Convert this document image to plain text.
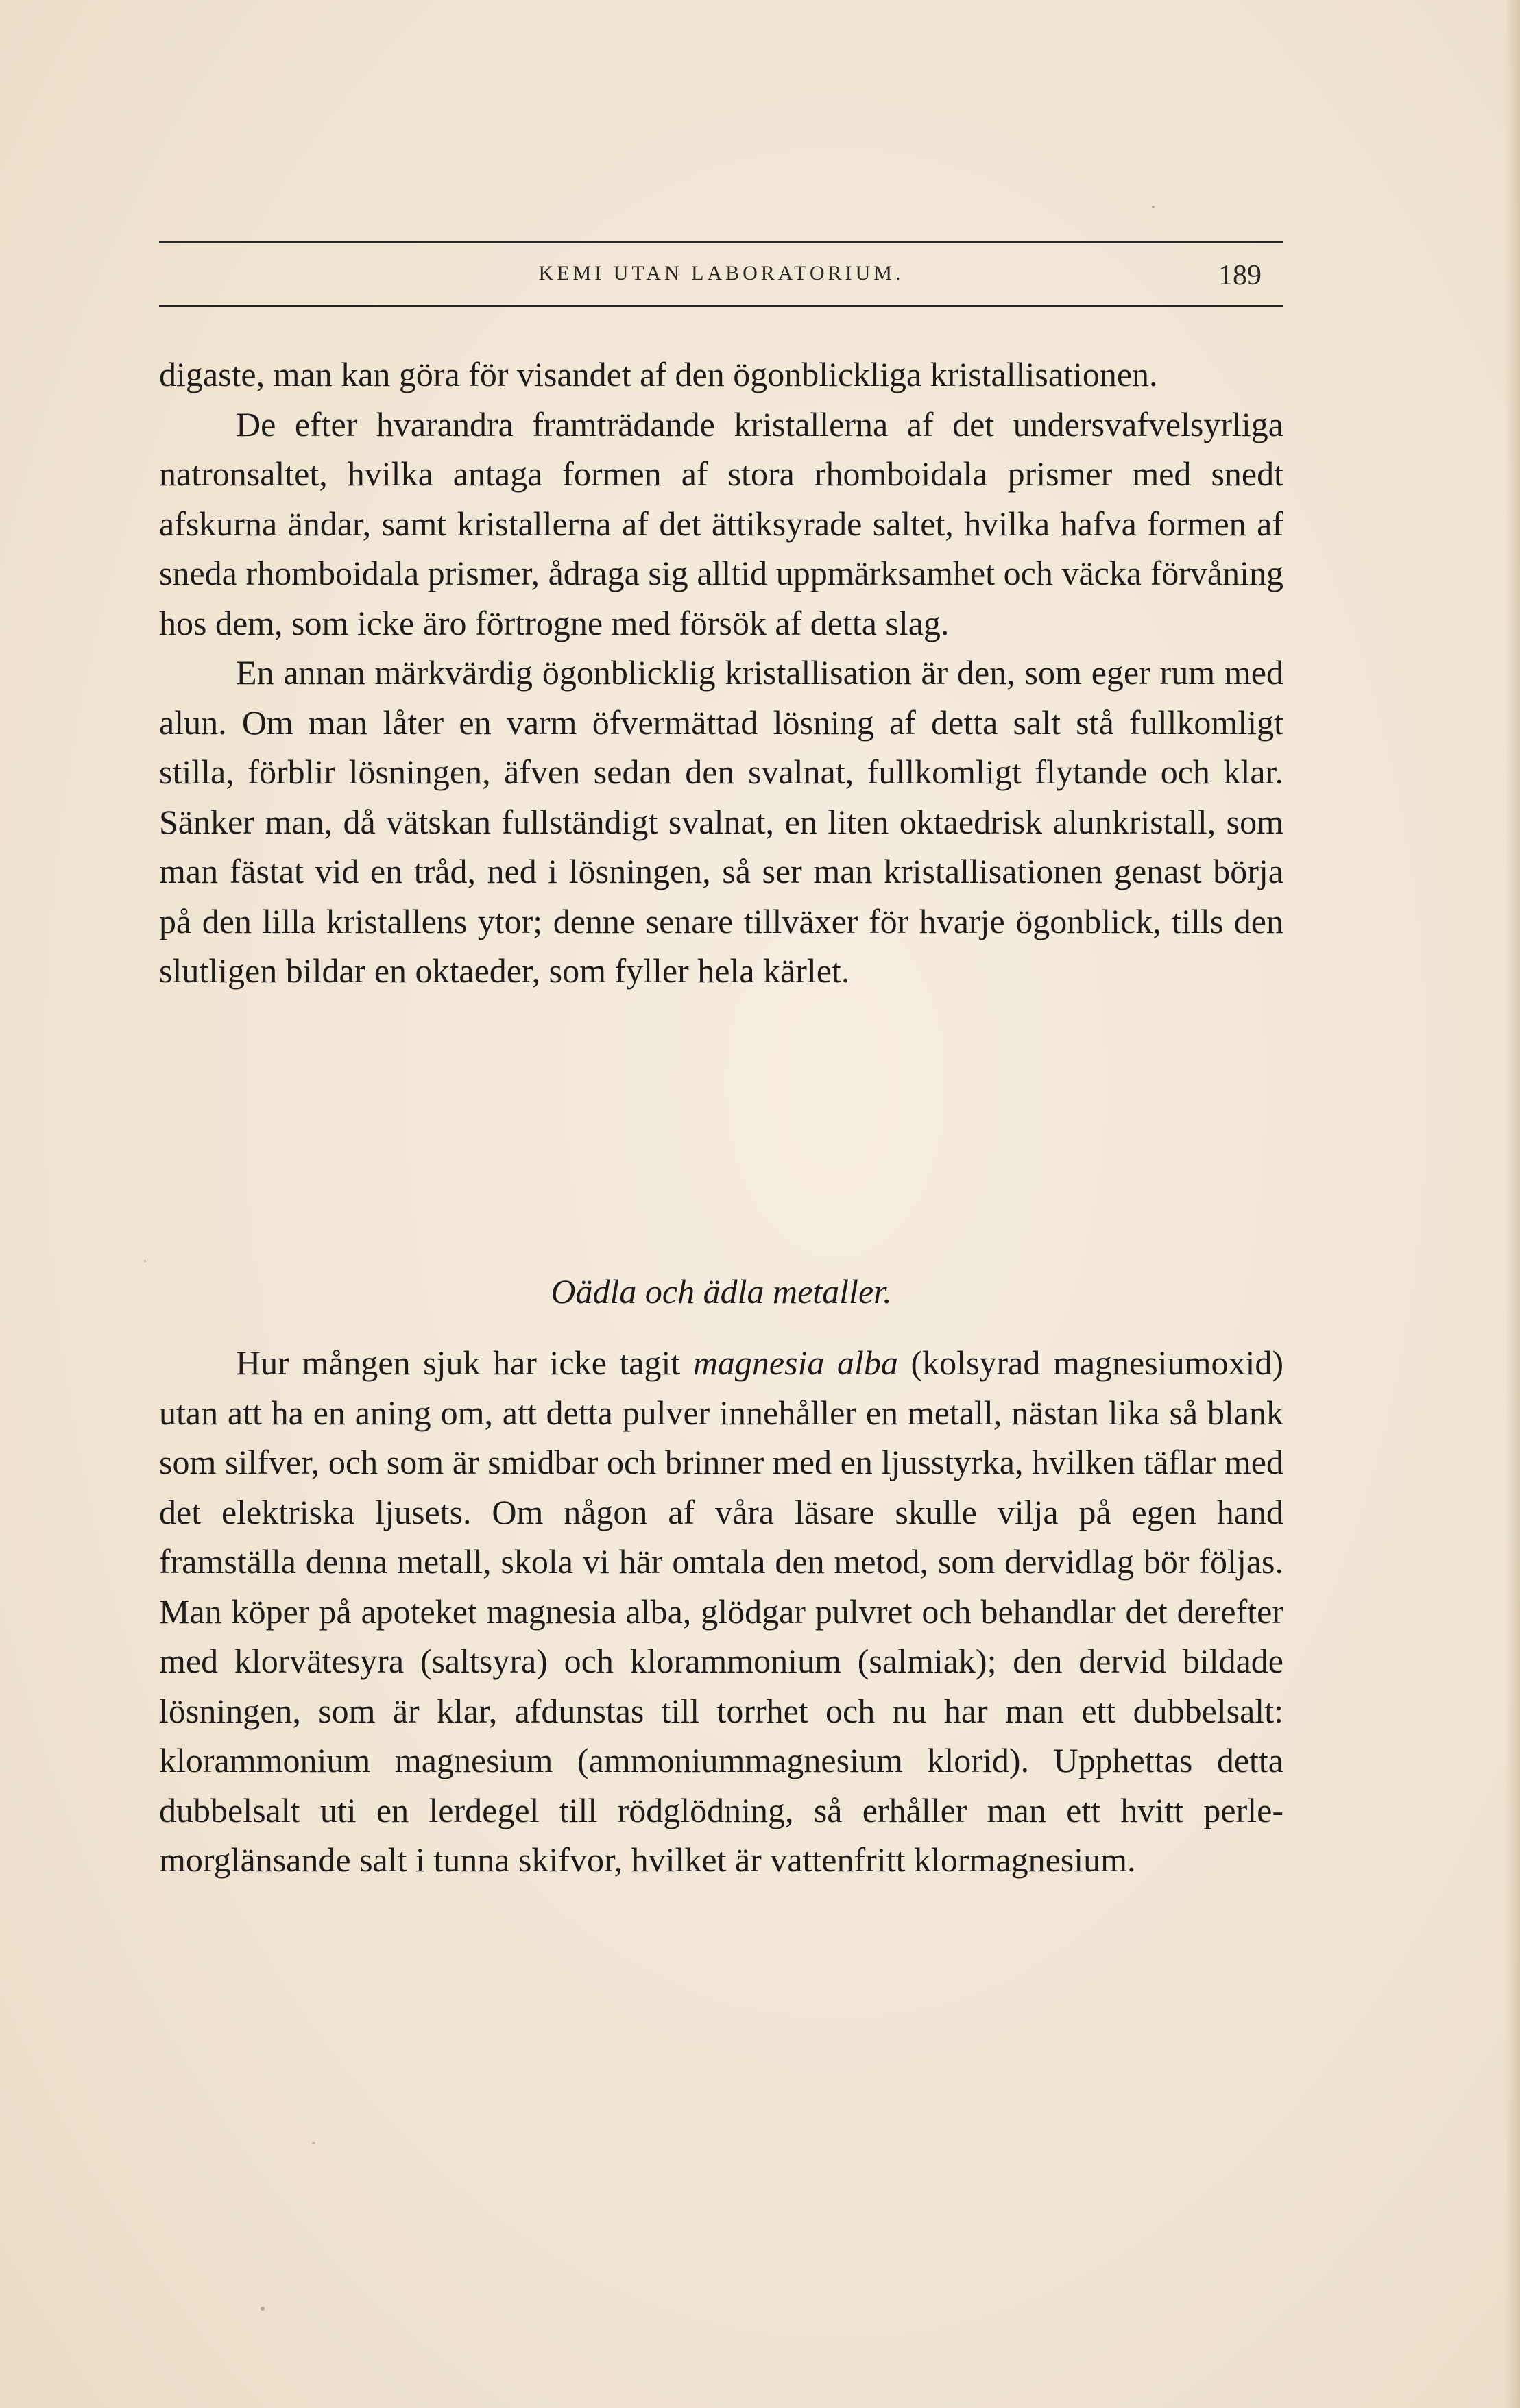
KEMI UTAN LABORATORIUM.	189

digaste, man kan göra för visandet af den ögonblickliga kristallisationen.

De efter hvarandra framträdande kristallerna af det undersvafvelsyrliga natronsaltet, hvilka antaga formen af stora rhomboidala prismer med snedt afskurna ändar, samt kristallerna af det ättiksyrade saltet, hvilka hafva formen af sneda rhomboidala prismer, ådraga sig alltid uppmärksamhet och väcka förvåning hos dem, som icke äro förtrogne med försök af detta slag.

En annan märkvärdig ögonblicklig kristallisation är den, som eger rum med alun. Om man låter en varm öfvermättad lösning af detta salt stå fullkomligt stilla, förblir lösningen, äfven sedan den svalnat, fullkomligt flytande och klar. Sänker man, då vätskan fullständigt svalnat, en liten oktaedrisk alunkristall, som man fästat vid en tråd, ned i lösningen, så ser man kristallisationen genast börja på den lilla kristallens ytor; denne senare tillväxer för hvarje ögonblick, tills den slutligen bildar en oktaeder, som fyller hela kärlet.

Oädla och ädla metaller.

Hur mången sjuk har icke tagit magnesia alba (kolsyrad magnesiumoxid) utan att ha en aning om, att detta pulver innehåller en metall, nästan lika så blank som silfver, och som är smidbar och brinner med en ljusstyrka, hvilken täflar med det elektriska ljusets. Om någon af våra läsare skulle vilja på egen hand framställa denna metall, skola vi här omtala den metod, som dervidlag bör följas. Man köper på apoteket magnesia alba, glödgar pulvret och behandlar det derefter med klorvätesyra (saltsyra) och klorammonium (salmiak); den dervid bildade lösningen, som är klar, afdunstas till torrhet och nu har man ett dubbelsalt: klorammonium magnesium (ammoniummagnesium klorid). Upphettas detta dubbelsalt uti en lerdegel till rödglödning, så erhåller man ett hvitt perlemorglänsande salt i tunna skifvor, hvilket är vattenfritt klormagnesium.
